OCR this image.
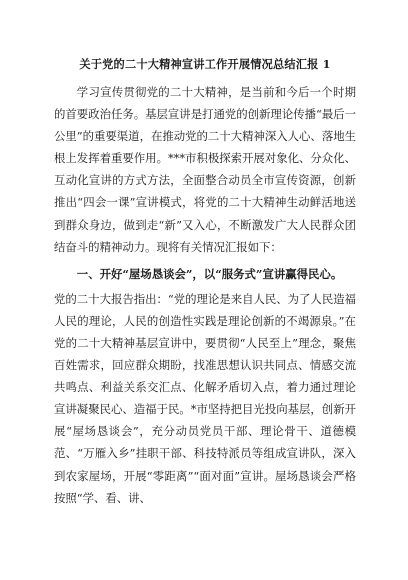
关于党的二十大精神宣讲工作开展情况总结汇报 1

学习宣传贯彻党的二十大精神，是当前和今后一个时期的首要政治任务。基层宣讲是打通党的创新理论传播“最后一公里”的重要渠道，在推动党的二十大精神深入人心、落地生根上发挥着重要作用。***市积极探索开展对象化、分众化、互动化宣讲的方式方法，全面整合动员全市宣传资源，创新推出“四会一课”宣讲模式，将党的二十大精神生动鲜活地送到群众身边，做到走“新”又入心，不断激发广大人民群众团结奋斗的精神动力。现将有关情况汇报如下：

一、开好“屋场恳谈会”，以“服务式”宣讲赢得民心。

党的二十大报告指出：“党的理论是来自人民、为了人民造福人民的理论，人民的创造性实践是理论创新的不竭源泉。”在党的二十大精神基层宣讲中，要贯彻“人民至上”理念，聚焦百姓需求，回应群众期盼，找准思想认识共同点、情感交流共鸣点、利益关系交汇点、化解矛盾切入点，着力通过理论宣讲凝聚民心、造福于民。*市坚持把目光投向基层，创新开展“屋场恳谈会”，充分动员党员干部、理论骨干、道德模范、“万雁入乡”挂职干部、科技特派员等组成宣讲队，深入到农家屋场，开展“零距离”“面对面”宣讲。屋场恳谈会严格按照“学、看、讲、
